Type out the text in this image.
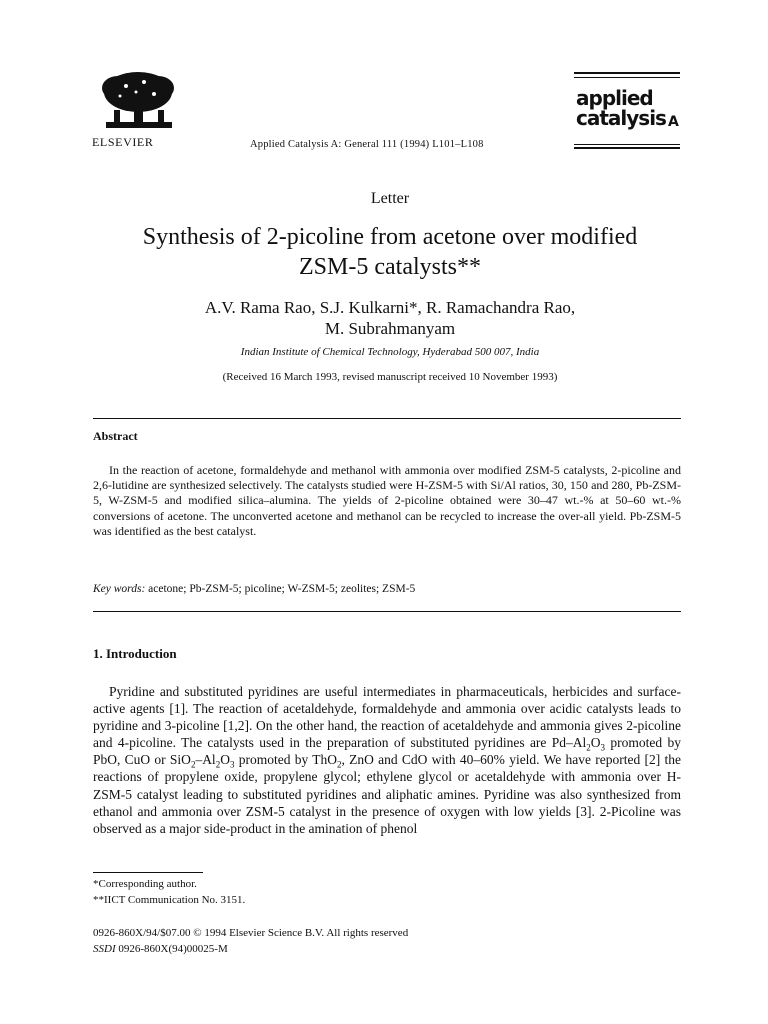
ELSEVIER	Applied Catalysis A: General 111 (1994) L101–L108
applied
catalysis A
Letter
Synthesis of 2-picoline from acetone over modified
ZSM-5 catalysts**
A.V. Rama Rao, S.J. Kulkarni*, R. Ramachandra Rao,
M. Subrahmanyam
Indian Institute of Chemical Technology, Hyderabad 500 007, India
(Received 16 March 1993, revised manuscript received 10 November 1993)
Abstract
In the reaction of acetone, formaldehyde and methanol with ammonia over modified ZSM-5 catalysts, 2-picoline and 2,6-lutidine are synthesized selectively. The catalysts studied were H-ZSM-5 with Si/Al ratios, 30, 150 and 280, Pb-ZSM-5, W-ZSM-5 and modified silica–alumina. The yields of 2-picoline obtained were 30–47 wt.-% at 50–60 wt.-% conversions of acetone. The unconverted acetone and methanol can be recycled to increase the over-all yield. Pb-ZSM-5 was identified as the best catalyst.
Key words: acetone; Pb-ZSM-5; picoline; W-ZSM-5; zeolites; ZSM-5
1. Introduction
Pyridine and substituted pyridines are useful intermediates in pharmaceuticals, herbicides and surface-active agents [1]. The reaction of acetaldehyde, formaldehyde and ammonia over acidic catalysts leads to pyridine and 3-picoline [1,2]. On the other hand, the reaction of acetaldehyde and ammonia gives 2-picoline and 4-picoline. The catalysts used in the preparation of substituted pyridines are $Pd-Al_2O_3$ promoted by PbO, CuO or $SiO_2-Al_2O_3$ promoted by ThO$_2$, ZnO and CdO with 40–60% yield. We have reported [2] the reactions of propylene oxide, propylene glycol; ethylene glycol or acetaldehyde with ammonia over H-ZSM-5 catalyst leading to substituted pyridines and aliphatic amines. Pyridine was also synthesized from ethanol and ammonia over ZSM-5 catalyst in the presence of oxygen with low yields [3]. 2-Picoline was observed as a major side-product in the amination of phenol
*Corresponding author.
**IICT Communication No. 3151.
0926-860X/94/$07.00 © 1994 Elsevier Science B.V. All rights reserved
SSDI 0926-860X(94)00025-M
